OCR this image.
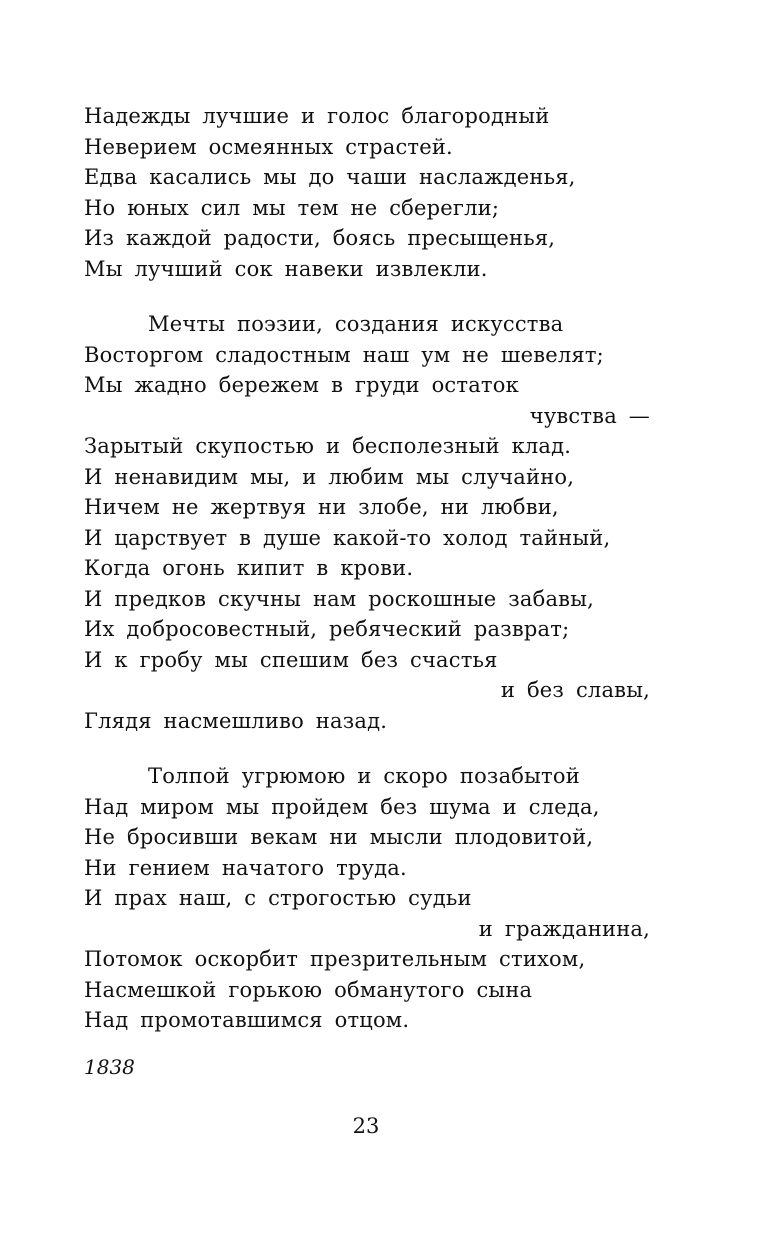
Надежды лучшие и голос благородный
Неверием осмеянных страстей.
Едва касались мы до чаши наслажденья,
Но юных сил мы тем не сберегли;
Из каждой радости, боясь пресыщенья,
Мы лучший сок навеки извлекли.
Мечты поэзии, создания искусства
Восторгом сладостным наш ум не шевелят;
Мы жадно бережем в груди остаток
чувства —
Зарытый скупостью и бесполезный клад.
И ненавидим мы, и любим мы случайно,
Ничем не жертвуя ни злобе, ни любви,
И царствует в душе какой-то холод тайный,
Когда огонь кипит в крови.
И предков скучны нам роскошные забавы,
Их добросовестный, ребяческий разврат;
И к гробу мы спешим без счастья
и без славы,
Глядя насмешливо назад.
Толпой угрюмою и скоро позабытой
Над миром мы пройдем без шума и следа,
Не бросивши векам ни мысли плодовитой,
Ни гением начатого труда.
И прах наш, с строгостью судьи
и гражданина,
Потомок оскорбит презрительным стихом,
Насмешкой горькою обманутого сына
Над промотавшимся отцом.
1838
23
